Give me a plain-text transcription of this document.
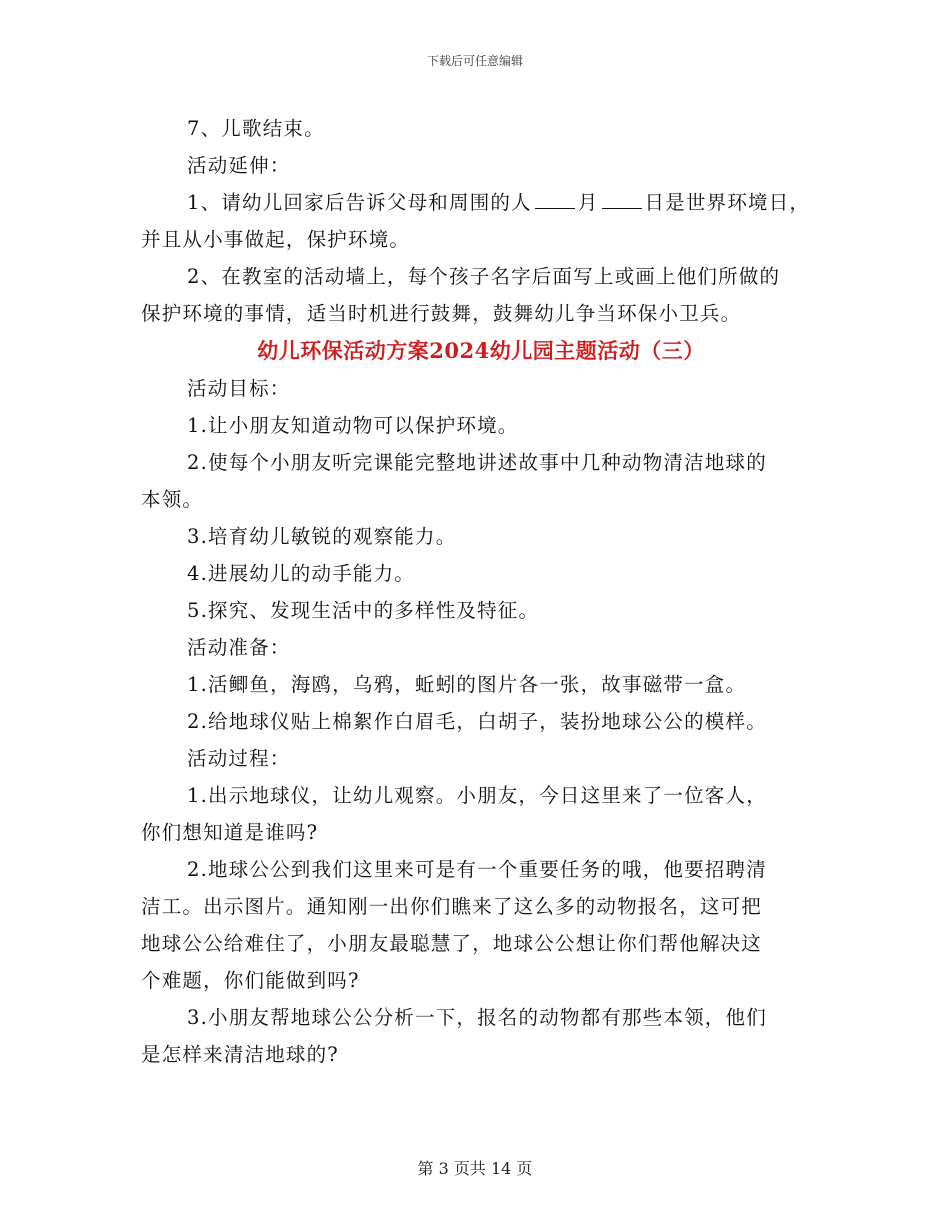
下载后可任意编辑

7、儿歌结束。

活动延伸：

1、请幼儿回家后告诉父母和周围的人 月 日是世界环境日，

并且从小事做起，保护环境。

2、在教室的活动墙上，每个孩子名字后面写上或画上他们所做的

保护环境的事情，适当时机进行鼓舞，鼓舞幼儿争当环保小卫兵。

幼儿环保活动方案2024幼儿园主题活动（三）

活动目标：

1.让小朋友知道动物可以保护环境。

2.使每个小朋友听完课能完整地讲述故事中几种动物清洁地球的

本领。

3.培育幼儿敏锐的观察能力。

4.进展幼儿的动手能力。

5.探究、发现生活中的多样性及特征。

活动准备：

1.活鲫鱼，海鸥，乌鸦，蚯蚓的图片各一张，故事磁带一盒。

2.给地球仪贴上棉絮作白眉毛，白胡子，装扮地球公公的模样。

活动过程：

1.出示地球仪，让幼儿观察。小朋友，今日这里来了一位客人，

你们想知道是谁吗?

2.地球公公到我们这里来可是有一个重要任务的哦，他要招聘清

洁工。出示图片。通知刚一出你们瞧来了这么多的动物报名，这可把

地球公公给难住了，小朋友最聪慧了，地球公公想让你们帮他解决这

个难题，你们能做到吗?

3.小朋友帮地球公公分析一下，报名的动物都有那些本领，他们

是怎样来清洁地球的?

第 3 页共 14 页
